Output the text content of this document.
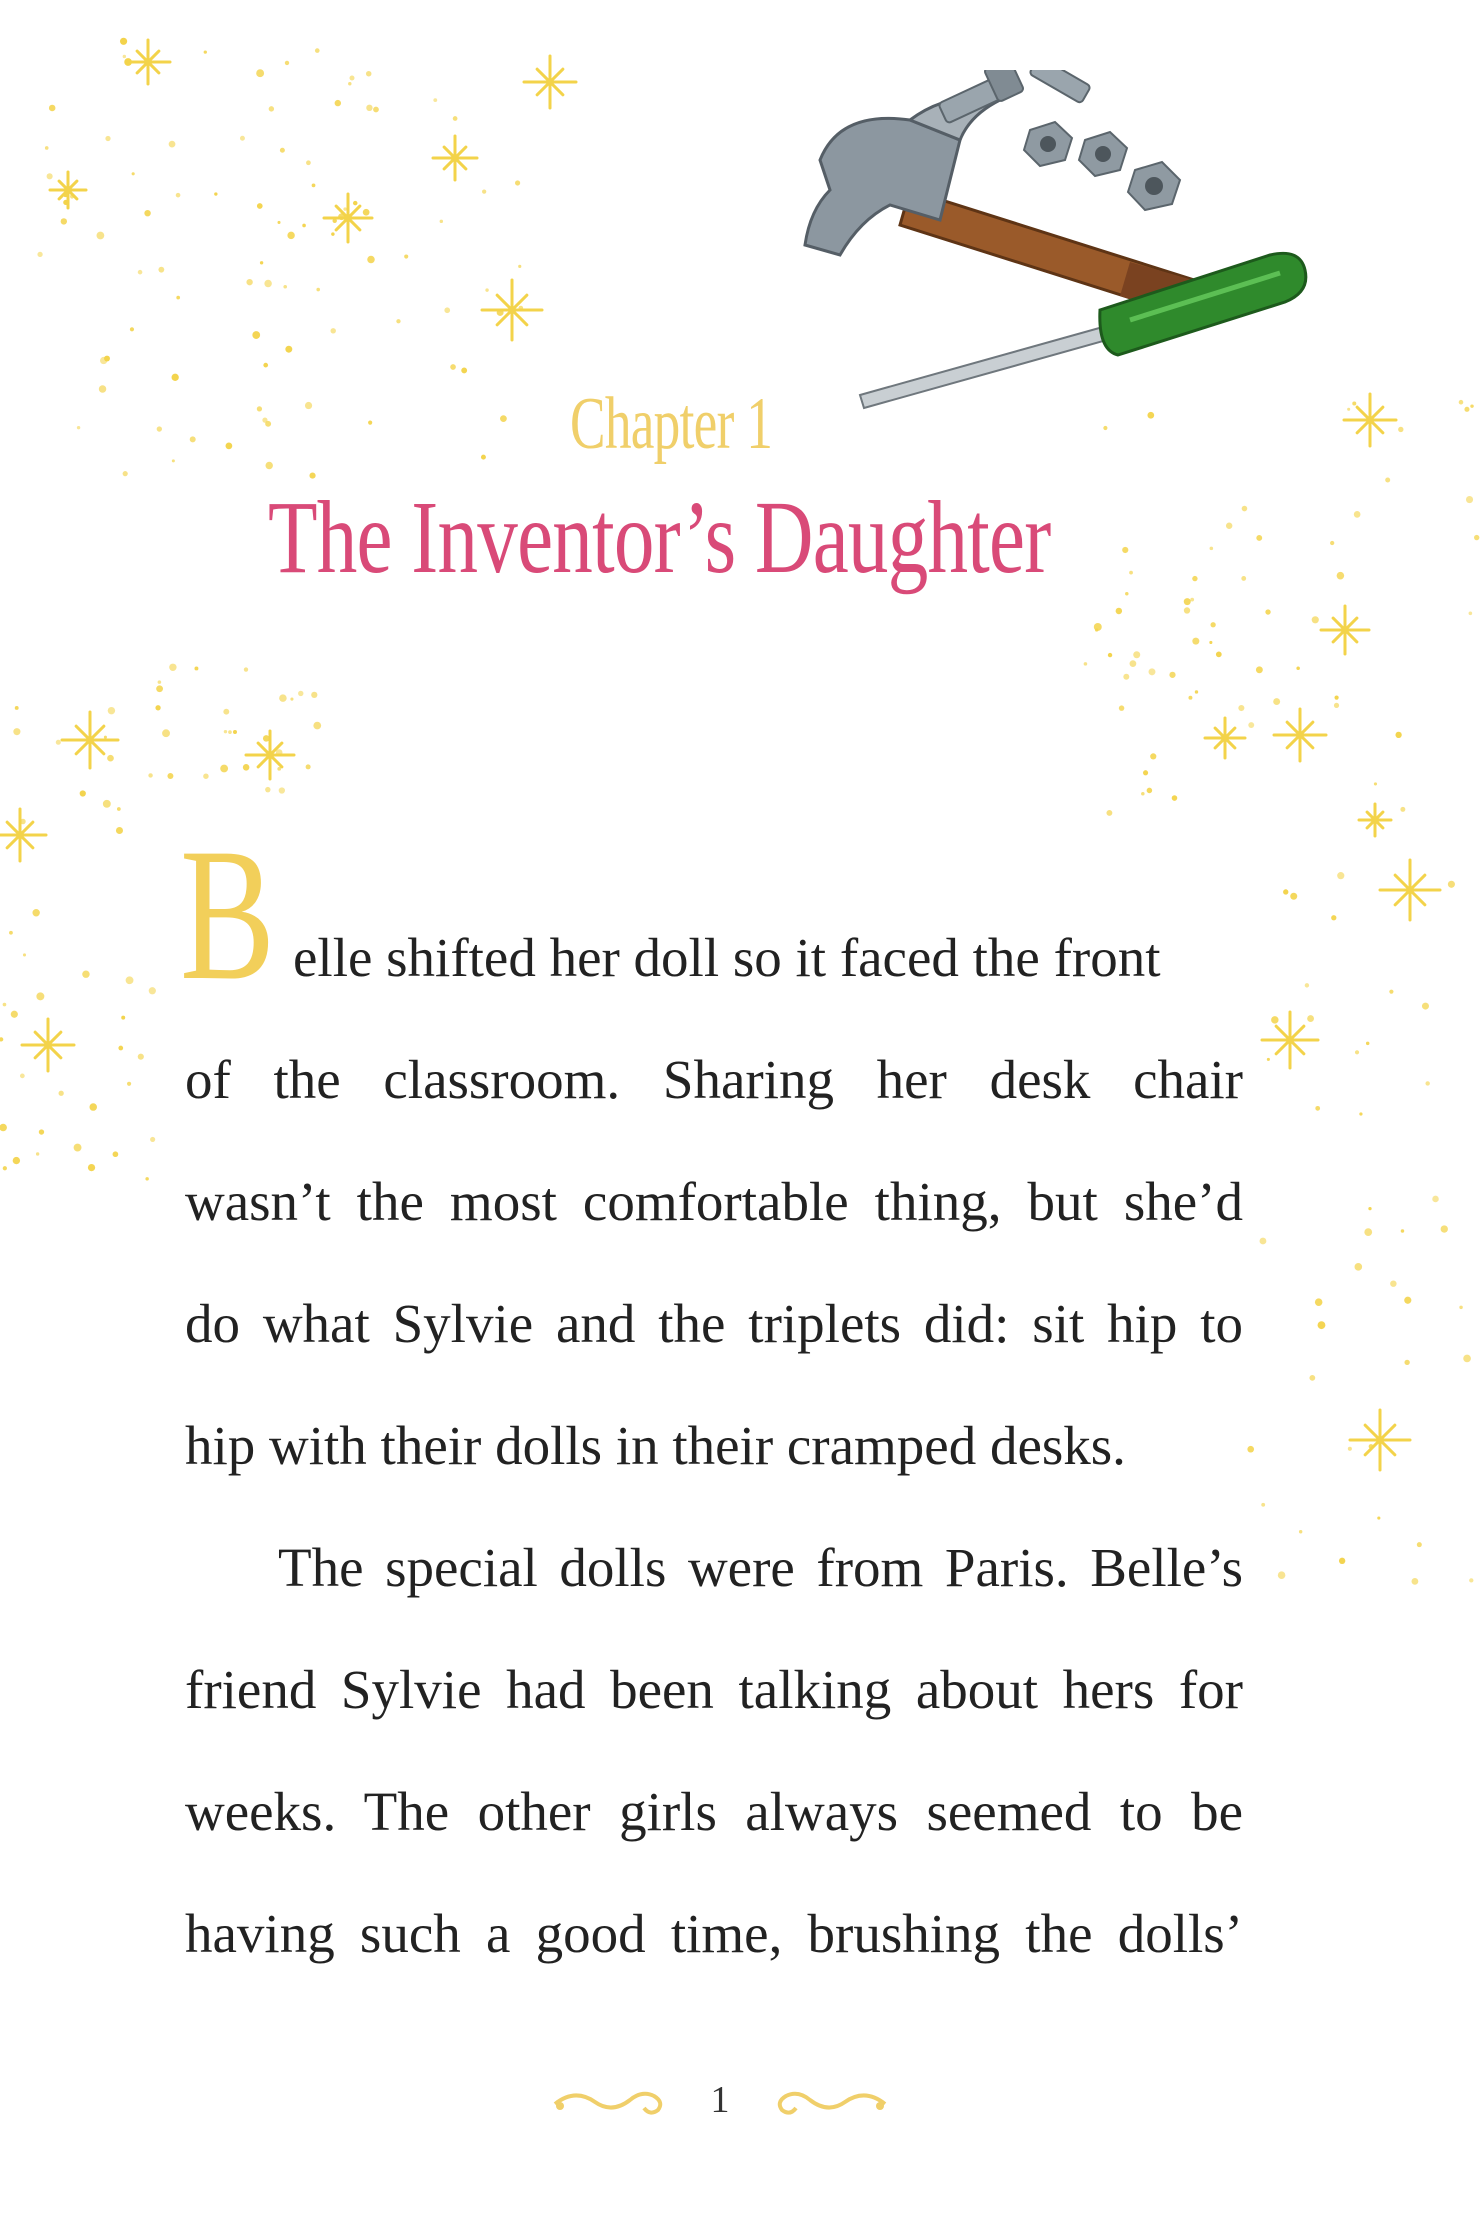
Chapter 1
The Inventor’s Daughter
B elle shifted her doll so it faced the front

of the classroom. Sharing her desk chair

wasn’t the most comfortable thing, but she’d

do what Sylvie and the triplets did: sit hip to

hip with their dolls in their cramped desks.

The special dolls were from Paris. Belle’s

friend Sylvie had been talking about hers for

weeks. The other girls always seemed to be

having such a good time, brushing the dolls’

1
